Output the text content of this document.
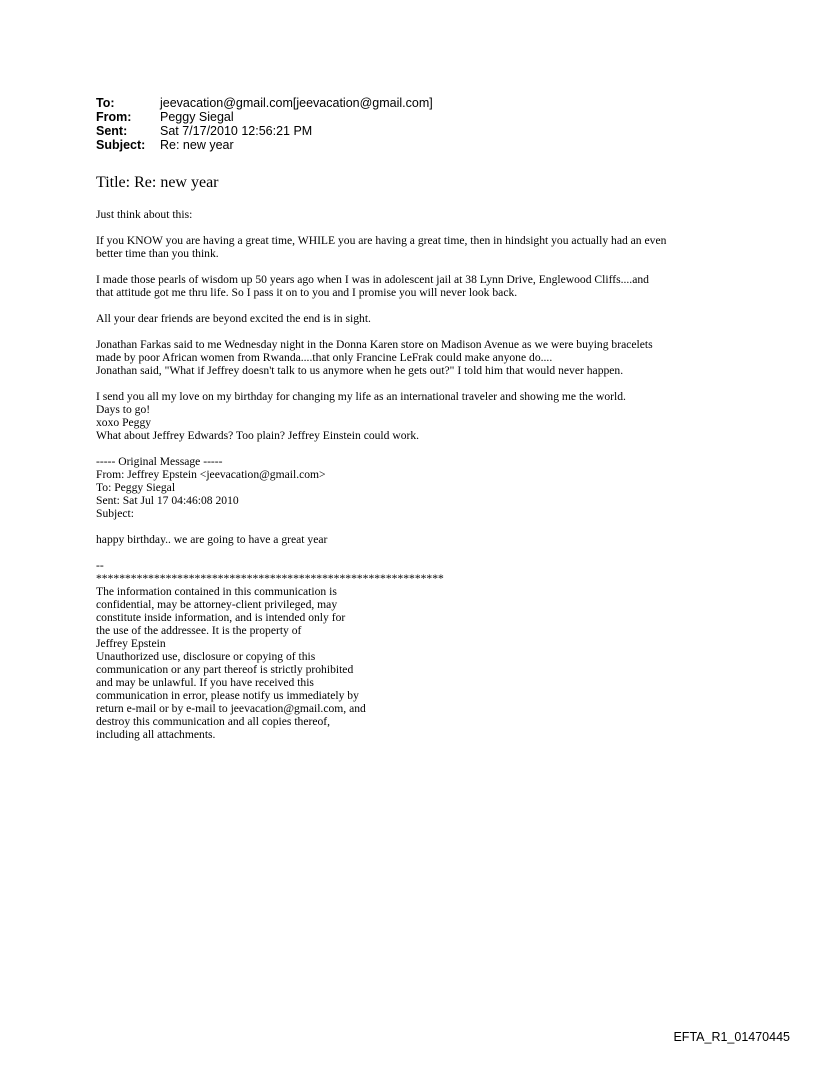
To:	jeevacation@gmail.com[jeevacation@gmail.com]
From:	Peggy Siegal
Sent:	Sat 7/17/2010 12:56:21 PM
Subject:	Re: new year
Title: Re: new year

Just think about this:

If you KNOW you are having a great time, WHILE you are having a great time, then in hindsight you actually had an even
better time than you think.

I made those pearls of wisdom up 50 years ago when I was in adolescent jail at 38 Lynn Drive, Englewood Cliffs....and
that attitude got me thru life. So I pass it on to you and I promise you will never look back.

All your dear friends are beyond excited the end is in sight.

Jonathan Farkas said to me Wednesday night in the Donna Karen store on Madison Avenue as we were buying bracelets
made by poor African women from Rwanda....that only Francine LeFrak could make anyone do....
Jonathan said, "What if Jeffrey doesn't talk to us anymore when he gets out?" I told him that would never happen.

I send you all my love on my birthday for changing my life as an international traveler and showing me the world.
Days to go!
xoxo Peggy
What about Jeffrey Edwards? Too plain? Jeffrey Einstein could work.

----- Original Message -----
From: Jeffrey Epstein <jeevacation@gmail.com>
To: Peggy Siegal
Sent: Sat Jul 17 04:46:08 2010
Subject:

happy birthday.. we are going to have a great year

--
************************************************************
The information contained in this communication is
confidential, may be attorney-client privileged, may
constitute inside information, and is intended only for
the use of the addressee. It is the property of
Jeffrey Epstein
Unauthorized use, disclosure or copying of this
communication or any part thereof is strictly prohibited
and may be unlawful. If you have received this
communication in error, please notify us immediately by
return e-mail or by e-mail to jeevacation@gmail.com, and
destroy this communication and all copies thereof,
including all attachments.

EFTA_R1_01470445
